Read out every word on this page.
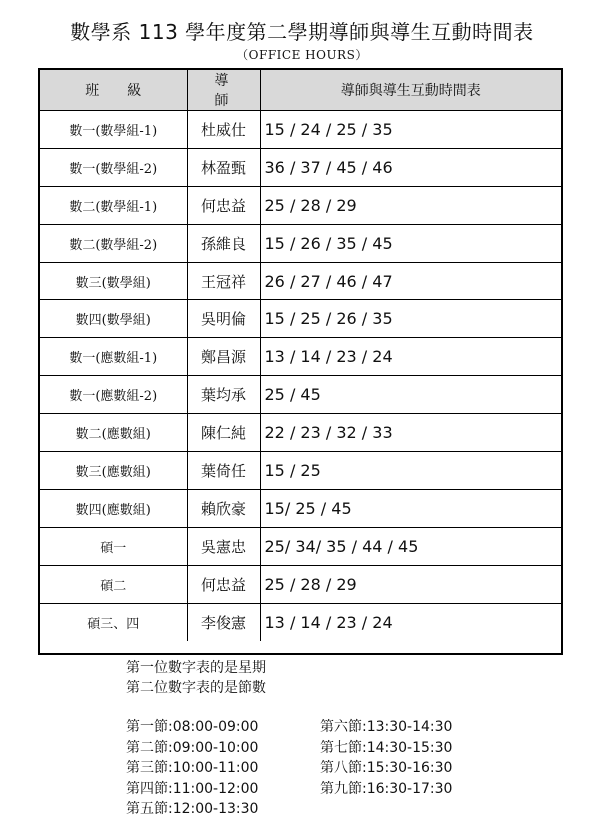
數學系 113 學年度第二學期導師與導生互動時間表
（OFFICE HOURS）
班級	導師	導師與導生互動時間表
數一(數學組-1)	杜威仕	15 / 24 / 25 / 35
數一(數學組-2)	林盈甄	36 / 37 / 45 / 46
數二(數學組-1)	何忠益	25 / 28 / 29
數二(數學組-2)	孫維良	15 / 26 / 35 / 45
數三(數學組)	王冠祥	26 / 27 / 46 / 47
數四(數學組)	吳明倫	15 / 25 / 26 / 35
數一(應數組-1)	鄭昌源	13 / 14 / 23 / 24
數一(應數組-2)	葉均承	25 / 45
數二(應數組)	陳仁純	22 / 23 / 32 / 33
數三(應數組)	葉倚任	15 / 25
數四(應數組)	賴欣豪	15/ 25 / 45
碩一	吳憲忠	25/ 34/ 35 / 44 / 45
碩二	何忠益	25 / 28 / 29
碩三、四	李俊憲	13 / 14 / 23 / 24
第一位數字表的是星期
第二位數字表的是節數
第一節:08:00-09:00
第二節:09:00-10:00
第三節:10:00-11:00
第四節:11:00-12:00
第五節:12:00-13:30
第六節:13:30-14:30
第七節:14:30-15:30
第八節:15:30-16:30
第九節:16:30-17:30
